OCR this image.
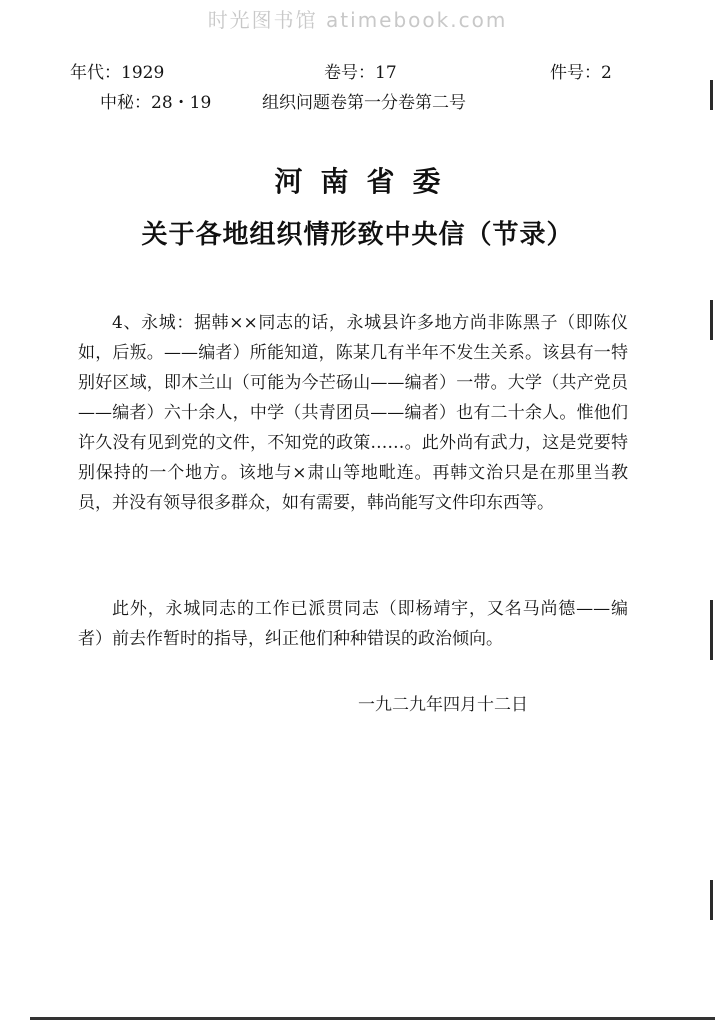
时光图书馆 atimebook.com
年代：1929	卷号：17	件号：2
中秘：28・19	组织问题卷第一分卷第二号
河南省委
关于各地组织情形致中央信（节录）

4、永城：据韩××同志的话，永城县许多地方尚非陈黑子（即陈仪如，后叛。——编者）所能知道，陈某几有半年不发生关系。该县有一特别好区域，即木兰山（可能为今芒砀山——编者）一带。大学（共产党员——编者）六十余人，中学（共青团员——编者）也有二十余人。惟他们许久没有见到党的文件，不知党的政策……。此外尚有武力，这是党要特别保持的一个地方。该地与×肃山等地毗连。再韩文治只是在那里当教员，并没有领导很多群众，如有需要，韩尚能写文件印东西等。

此外，永城同志的工作已派贯同志（即杨靖宇，又名马尚德——编者）前去作暂时的指导，纠正他们种种错误的政治倾向。

一九二九年四月十二日
